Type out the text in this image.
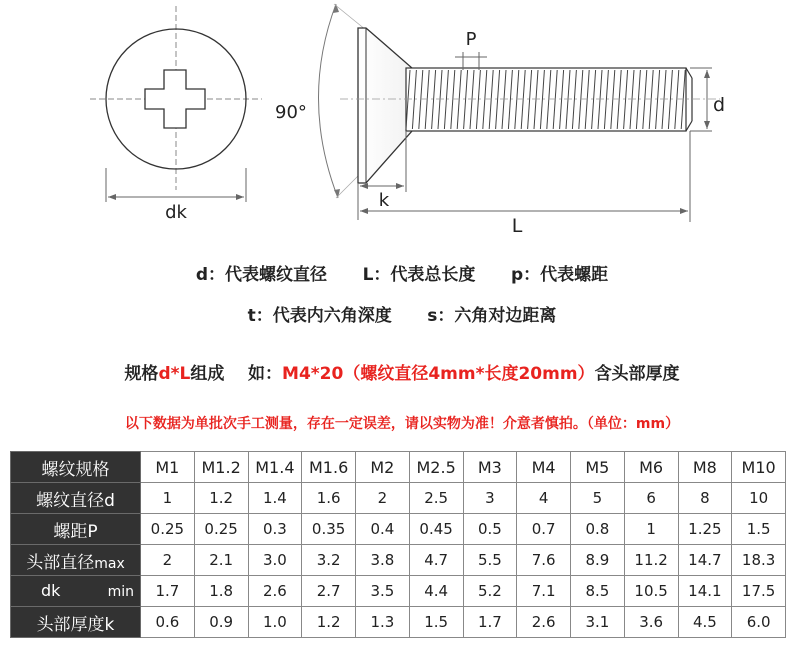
dk
90°
P
d
k
L
d：代表螺纹直径 L：代表总长度 p：代表螺距
t：代表内六角深度 s：六角对边距离
规格d*L组成    如：M4*20（螺纹直径4mm*长度20mm）含头部厚度
以下数据为单批次手工测量，存在一定误差，请以实物为准！介意者慎拍。（单位：mm）
螺纹规格	M1	M1.2	M1.4	M1.6	M2	M2.5	M3	M4	M5	M6	M8	M10
螺纹直径d	1	1.2	1.4	1.6	2	2.5	3	4	5	6	8	10
螺距P	0.25	0.25	0.3	0.35	0.4	0.45	0.5	0.7	0.8	1	1.25	1.5
头部直径max	2	2.1	3.0	3.2	3.8	4.7	5.5	7.6	8.9	11.2	14.7	18.3

dk min	1.7	1.8	2.6	2.7	3.5	4.4	5.2	7.1	8.5	10.5	14.1	17.5
头部厚度k	0.6	0.9	1.0	1.2	1.3	1.5	1.7	2.6	3.1	3.6	4.5	6.0
